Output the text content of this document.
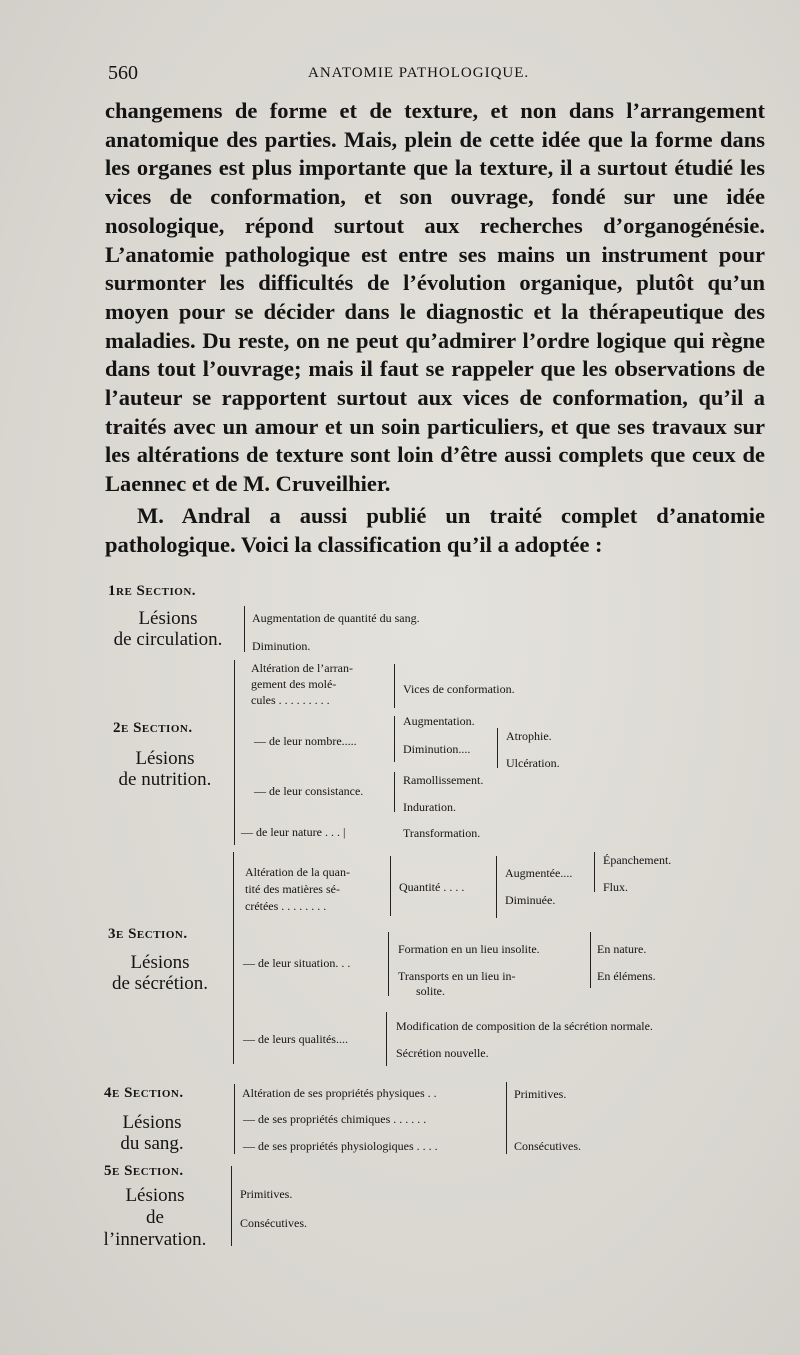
560	ANATOMIE PATHOLOGIQUE.

changemens de forme et de texture, et non dans l’arrangement anatomique des parties. Mais, plein de cette idée que la forme dans les organes est plus importante que la texture, il a surtout étudié les vices de conformation, et son ouvrage, fondé sur une idée nosologique, répond surtout aux recherches d’organogénésie. L’anatomie pathologique est entre ses mains un instrument pour surmonter les difficultés de l’évolution organique, plutôt qu’un moyen pour se décider dans le diagnostic et la thérapeutique des maladies. Du reste, on ne peut qu’admirer l’ordre logique qui règne dans tout l’ouvrage; mais il faut se rappeler que les observations de l’auteur se rapportent surtout aux vices de conformation, qu’il a traités avec un amour et un soin particuliers, et que ses travaux sur les altérations de texture sont loin d’être aussi complets que ceux de Laennec et de M. Cruveilhier.

M. Andral a aussi publié un traité complet d’anatomie pathologique. Voici la classification qu’il a adoptée :

1re Section.
Lésions
de circulation.
Augmentation de quantité du sang.
Diminution.
2e Section.
Lésions
de nutrition.
Altération de l’arran-
gement des molé-
cules . . . . . . . . .
Vices de conformation.
— de leur nombre.....
Augmentation.
Diminution....
Atrophie.
Ulcération.
— de leur consistance.
Ramollissement.
Induration.
— de leur nature . . . |	Transformation.
3e Section.
Lésions
de sécrétion.
Altération de la quan-
tité des matières sé-
crétées . . . . . . . .
Quantité . . . .
Augmentée....
Diminuée.
Épanchement.
Flux.
— de leur situation. . .
Formation en un lieu insolite.
Transports en un lieu in-
solite.
En nature.
En élémens.
— de leurs qualités....
Modification de composition de la sécrétion normale.
Sécrétion nouvelle.
4e Section.
Lésions
du sang.
Altération de ses propriétés physiques . .
— de ses propriétés chimiques . . . . . .
— de ses propriétés physiologiques . . . .
Primitives.
Consécutives.
5e Section.
Lésions
de
l’innervation.
Primitives.
Consécutives.
